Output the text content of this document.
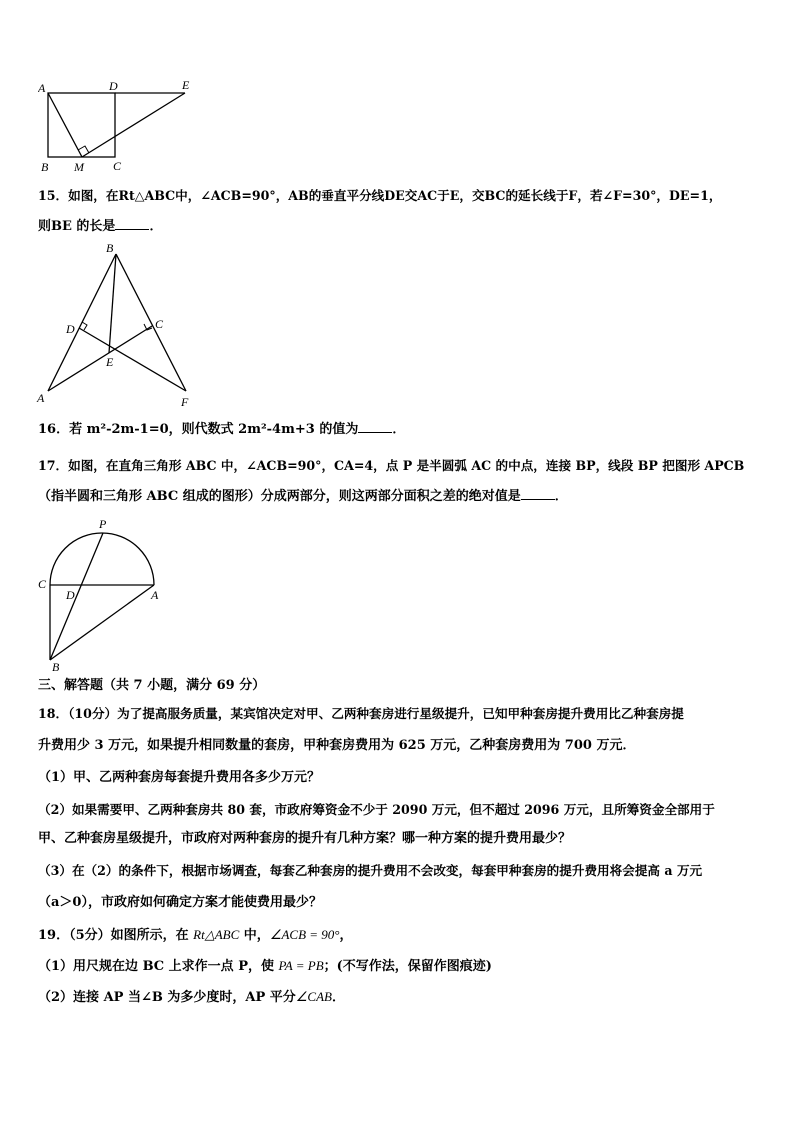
A	D	E
B M C
15．如图，在Rt△ABC中，∠ACB=90°，AB的垂直平分线DE交AC于E，交BC的延长线于F，若∠F=30°，DE=1，
则BE 的长是	．
B
D	C
E
A	F
16．若 m²-2m-1=0，则代数式 2m²-4m+3 的值为	．
17．如图，在直角三角形 ABC 中，∠ACB=90°，CA=4，点 P 是半圆弧 AC 的中点，连接 BP，线段 BP 把图形 APCB
（指半圆和三角形 ABC 组成的图形）分成两部分，则这两部分面积之差的绝对值是	．
P
C
D	A
B
三、解答题（共 7 小题，满分 69 分）
18．（10分）为了提高服务质量，某宾馆决定对甲、乙两种套房进行星级提升，已知甲种套房提升费用比乙种套房提
升费用少 3 万元，如果提升相同数量的套房，甲种套房费用为 625 万元，乙种套房费用为 700 万元．
（1）甲、乙两种套房每套提升费用各多少万元？
（2）如果需要甲、乙两种套房共 80 套，市政府筹资金不少于 2090 万元，但不超过 2096 万元，且所筹资金全部用于
甲、乙种套房星级提升，市政府对两种套房的提升有几种方案？哪一种方案的提升费用最少？
（3）在（2）的条件下，根据市场调查，每套乙种套房的提升费用不会改变，每套甲种套房的提升费用将会提高 a 万元
（a＞0），市政府如何确定方案才能使费用最少？
19．（5分）如图所示，在 Rt△ABC 中，∠ACB = 90°，
（1）用尺规在边 BC 上求作一点 P，使 PA = PB；(不写作法，保留作图痕迹)
（2）连接 AP 当∠B 为多少度时，AP 平分∠CAB．
